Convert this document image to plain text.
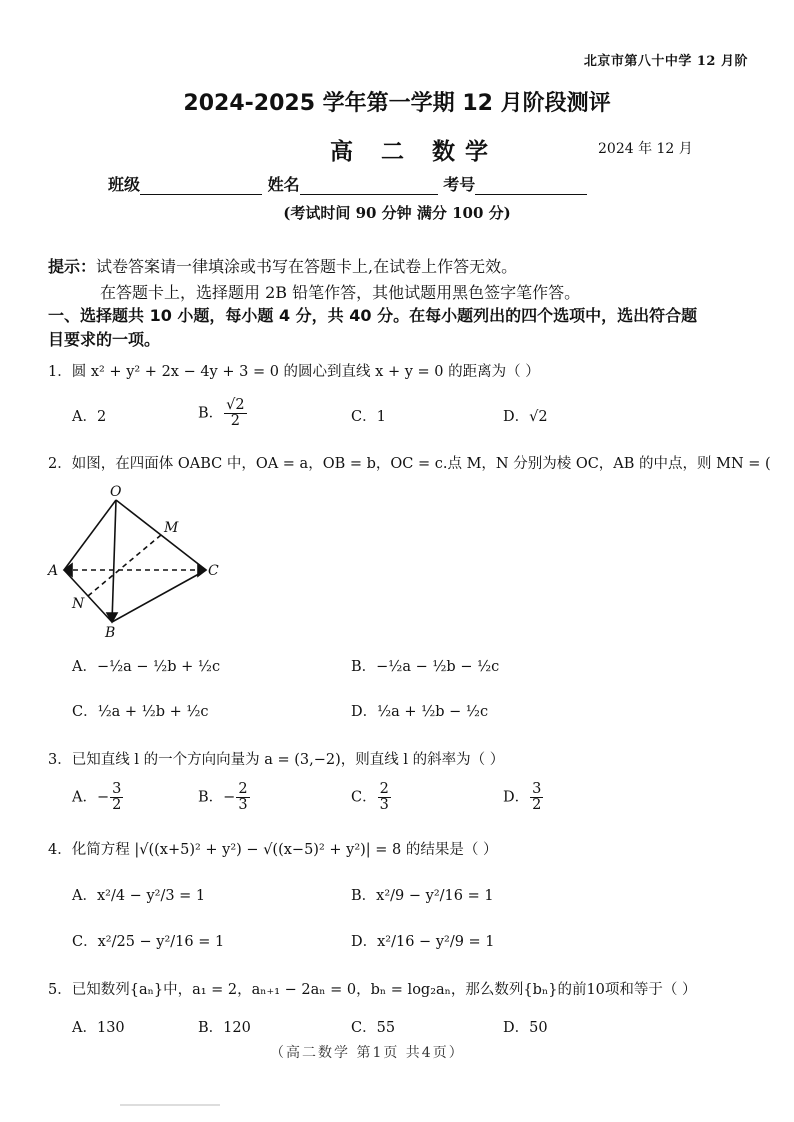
北京市第八十中学 12 月阶
2024-2025 学年第一学期 12 月阶段测评
高 二 数学	2024 年 12 月
班级	姓名	考号
(考试时间 90 分钟 满分 100 分)
提示：试卷答案请一律填涂或书写在答题卡上,在试卷上作答无效。
在答题卡上，选择题用 2B 铅笔作答，其他试题用黑色签字笔作答。
一、选择题共 10 小题，每小题 4 分，共 40 分。在每小题列出的四个选项中，选出符合题
目要求的一项。
1．圆 x² + y² + 2x − 4y + 3 = 0 的圆心到直线 x + y = 0 的距离为（ ）
A．2	B． $\frac{√2}{2}$	C．1	D．√2
2．如图，在四面体 OABC 中，OA = a，OB = b，OC = c.点 M，N 分别为棱 OC，AB 的中点，则 MN = (
O
M
A	C
N
B
A．−½a − ½b + ½c	B．−½a − ½b − ½c
C．½a + ½b + ½c	D．½a + ½b − ½c
3．已知直线 l 的一个方向向量为 a = (3,−2)，则直线 l 的斜率为（ ）
A．− $\frac{3}{2}$	B．− $\frac{2}{3}$	C． $\frac{2}{3}$	D． $\frac{3}{2}$
4．化简方程 |√((x+5)² + y²) − √((x−5)² + y²)| = 8 的结果是（ ）
A．x²/4 − y²/3 = 1	B．x²/9 − y²/16 = 1
C．x²/25 − y²/16 = 1	D．x²/16 − y²/9 = 1
5．已知数列{aₙ}中，a₁ = 2，aₙ₊₁ − 2aₙ = 0，bₙ = log₂aₙ，那么数列{bₙ}的前10项和等于（ ）
A．130	B．120	C．55	D．50
（高二数学 第1页 共4页）
